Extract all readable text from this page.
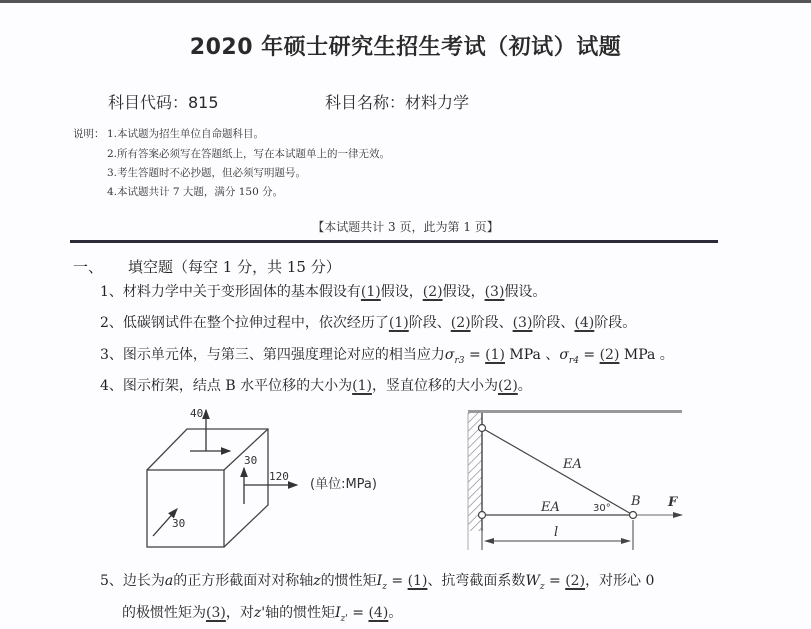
2020 年硕士研究生招生考试（初试）试题
科目代码：815	科目名称：材料力学
说明： 1.本试题为招生单位自命题科目。
2.所有答案必须写在答题纸上，写在本试题单上的一律无效。
3.考生答题时不必抄题，但必须写明题号。
4.本试题共计 7 大题，满分 150 分。
【本试题共计 3 页，此为第 1 页】
一、 填空题（每空 1 分，共 15 分）
1、材料力学中关于变形固体的基本假设有(1)假设，(2)假设，(3)假设。
2、低碳钢试件在整个拉伸过程中，依次经历了(1)阶段、(2)阶段、(3)阶段、(4)阶段。
3、图示单元体，与第三、第四强度理论对应的相当应力$\sigma_{r3} = (1)$ MPa 、$\sigma_{r4} = (2)$ MPa 。
4、图示桁架，结点 B 水平位移的大小为(1)，竖直位移的大小为(2)。
40
30
120
30
(单位:MPa)
EA
EA	30° B F
l
5、边长为a的正方形截面对对称轴z的惯性矩$I_z = (1)$、抗弯截面系数$W_z = (2)$，对形心 0
的极惯性矩为(3)，对z'轴的惯性矩$I_{z'} = (4)$。
